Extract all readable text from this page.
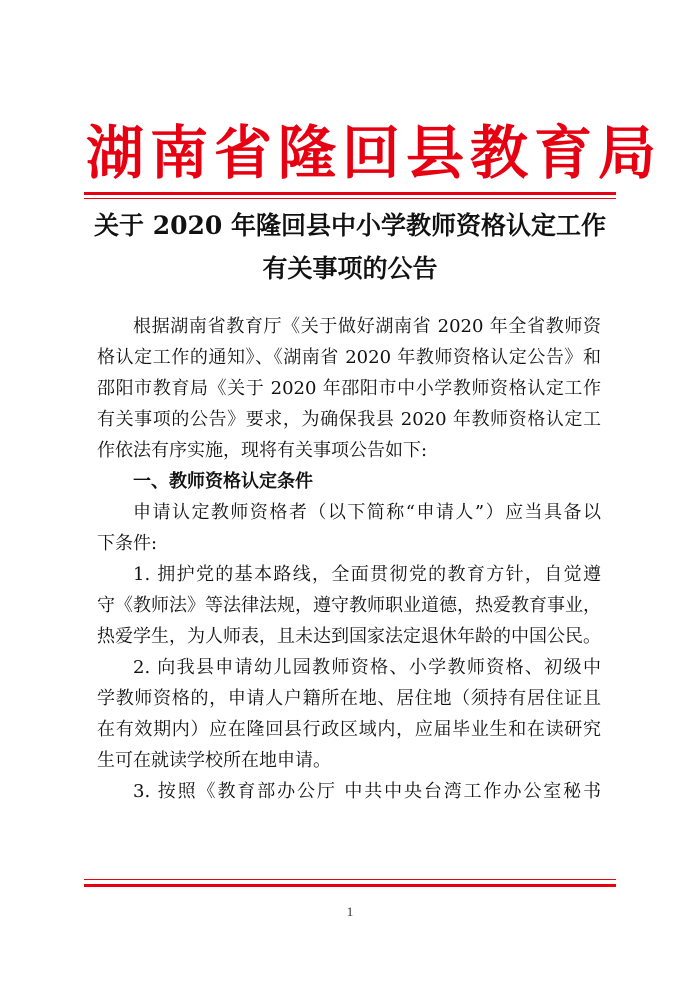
湖南省隆回县教育局
关于 2020 年隆回县中小学教师资格认定工作
有关事项的公告
根据湖南省教育厅《关于做好湖南省 2020 年全省教师资
格认定工作的通知》、《湖南省 2020 年教师资格认定公告》和
邵阳市教育局《关于 2020 年邵阳市中小学教师资格认定工作
有关事项的公告》要求，为确保我县 2020 年教师资格认定工
作依法有序实施，现将有关事项公告如下:
一、教师资格认定条件
申请认定教师资格者（以下简称“申请人”）应当具备以
下条件:
1. 拥护党的基本路线，全面贯彻党的教育方针，自觉遵
守《教师法》等法律法规，遵守教师职业道德，热爱教育事业，
热爱学生，为人师表，且未达到国家法定退休年龄的中国公民。
2. 向我县申请幼儿园教师资格、小学教师资格、初级中
学教师资格的，申请人户籍所在地、居住地（须持有居住证且
在有效期内）应在隆回县行政区域内，应届毕业生和在读研究
生可在就读学校所在地申请。
3. 按照《教育部办公厅 中共中央台湾工作办公室秘书
1
